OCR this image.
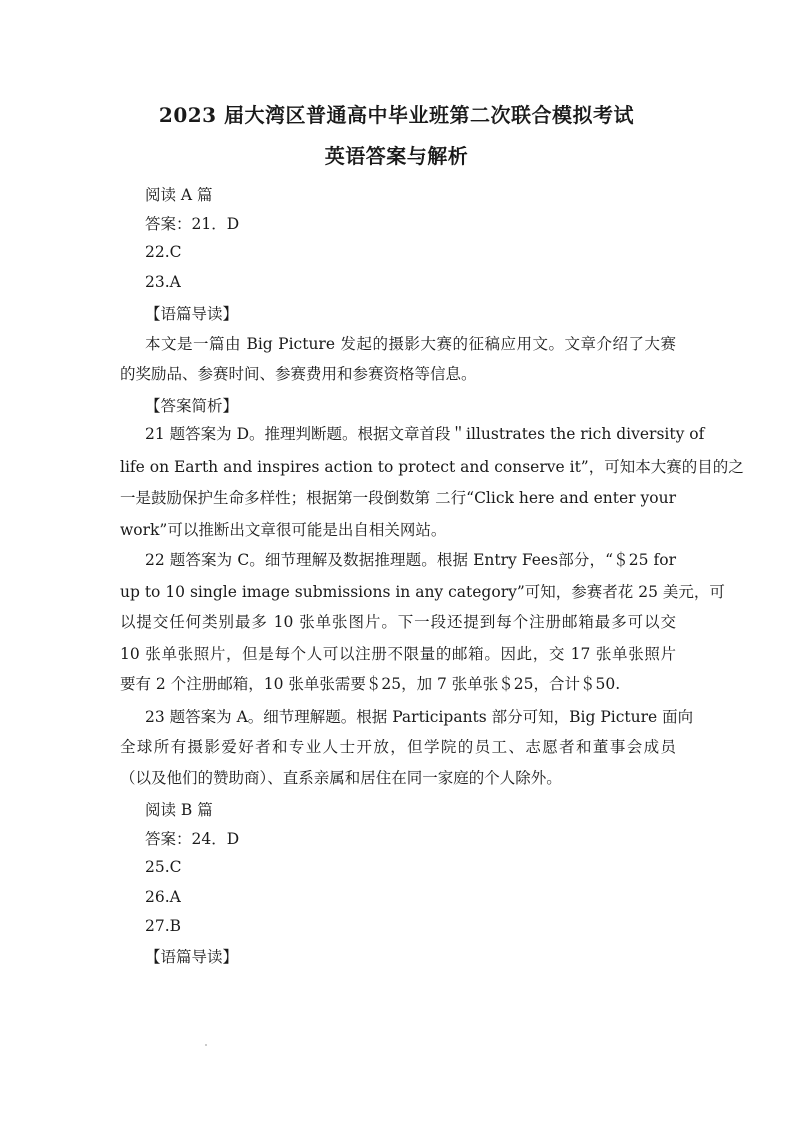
2023 届大湾区普通高中毕业班第二次联合模拟考试
英语答案与解析
阅读 A 篇
答案：21．D
22.C
23.A
【语篇导读】
本文是一篇由 Big Picture 发起的摄影大赛的征稿应用文。文章介绍了大赛
的奖励品、参赛时间、参赛费用和参赛资格等信息。
【答案简析】
21 题答案为 D。推理判断题。根据文章首段＂illustrates the rich diversity of
life on Earth and inspires action to protect and conserve it”，可知本大赛的目的之
一是鼓励保护生命多样性；根据第一段倒数第 二行“Click here and enter your
work”可以推断出文章很可能是出自相关网站。
22 题答案为 C。细节理解及数据推理题。根据 Entry Fees部分，“＄25 for
up to 10 single image submissions in any category”可知，参赛者花 25 美元，可
以提交任何类别最多 10 张单张图片。下一段还提到每个注册邮箱最多可以交
10 张单张照片，但是每个人可以注册不限量的邮箱。因此，交 17 张单张照片
要有 2 个注册邮箱，10 张单张需要＄25，加 7 张单张＄25，合计＄50.
23 题答案为 A。细节理解题。根据 Participants 部分可知，Big Picture 面向
全球所有摄影爱好者和专业人士开放，但学院的员工、志愿者和董事会成员
（以及他们的赞助商）、直系亲属和居住在同一家庭的个人除外。
阅读 B 篇
答案：24．D
25.C
26.A
27.B
【语篇导读】
